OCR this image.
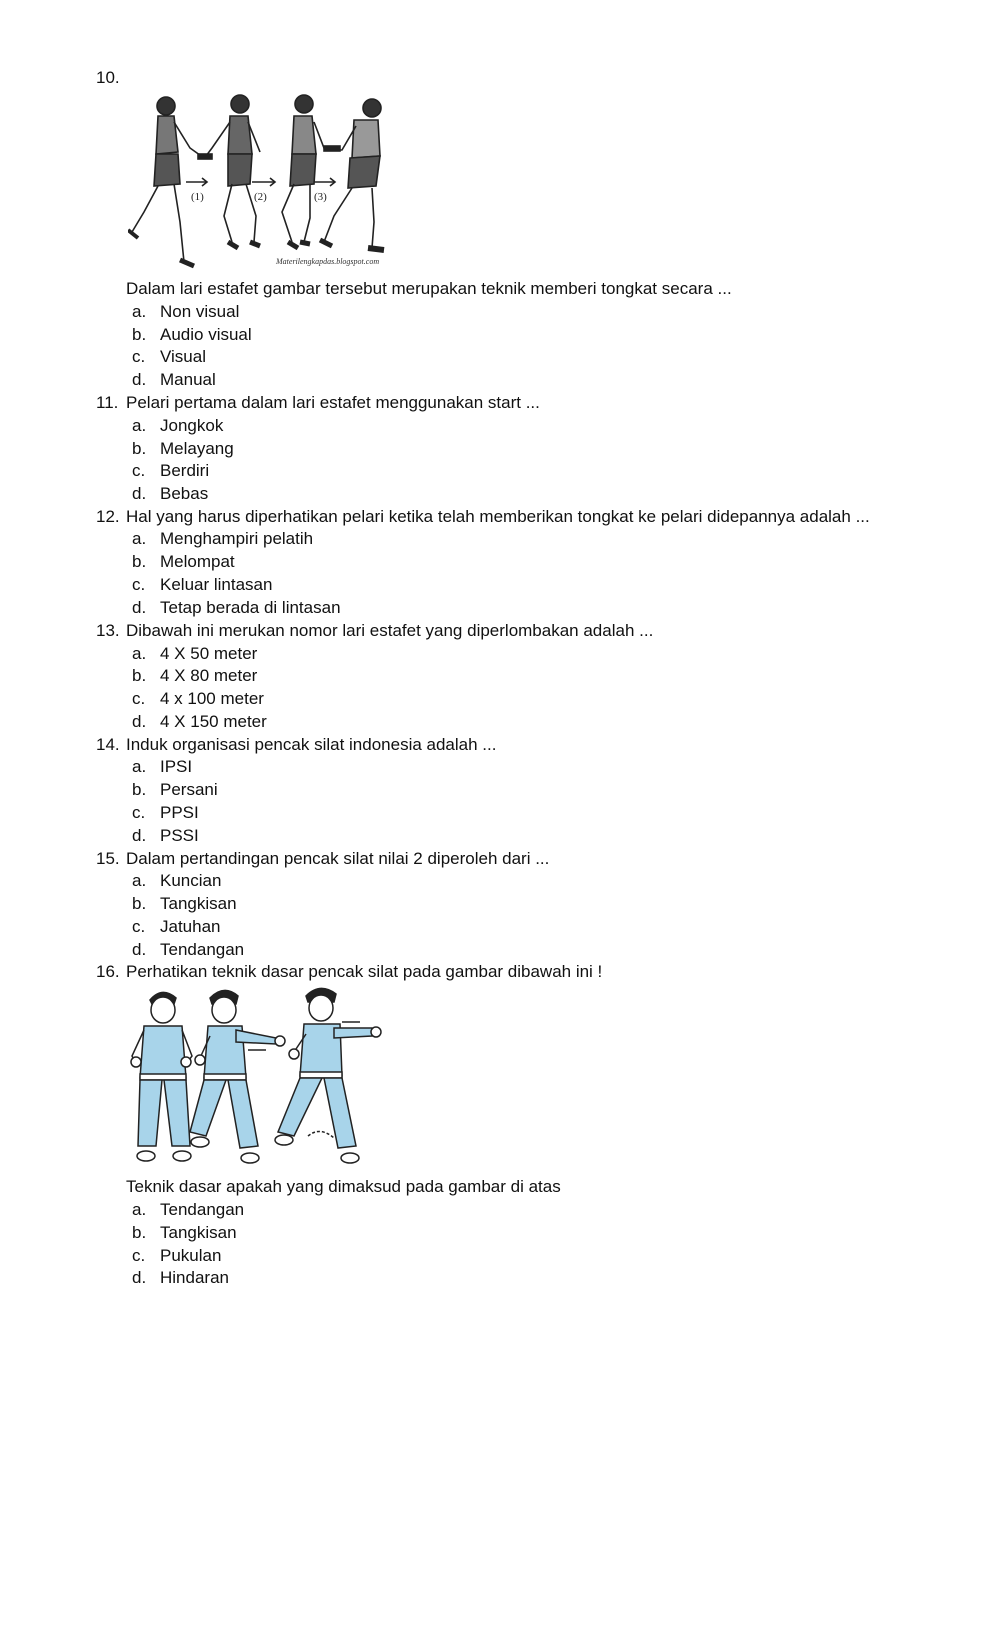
10.
(1)	(2)	(3)
Materilengkapdas.blogspot.com
Dalam lari estafet gambar tersebut merupakan teknik memberi tongkat secara ...
a. Non visual
b. Audio visual
c. Visual
d. Manual
11. Pelari pertama dalam lari estafet menggunakan start ...
a. Jongkok
b. Melayang
c. Berdiri
d. Bebas
12. Hal yang harus diperhatikan pelari ketika telah memberikan tongkat ke pelari didepannya adalah ...
a. Menghampiri pelatih
b. Melompat
c. Keluar lintasan
d. Tetap berada di lintasan
13. Dibawah ini merukan nomor lari estafet yang diperlombakan adalah ...
a. 4 X 50 meter
b. 4 X 80 meter
c. 4 x 100 meter
d. 4 X 150 meter
14. Induk organisasi pencak silat indonesia adalah ...
a. IPSI
b. Persani
c. PPSI
d. PSSI
15. Dalam pertandingan pencak silat nilai 2 diperoleh dari ...
a. Kuncian
b. Tangkisan
c. Jatuhan
d. Tendangan
16. Perhatikan teknik dasar pencak silat pada gambar dibawah ini !
Teknik dasar apakah yang dimaksud pada gambar di atas
a. Tendangan
b. Tangkisan
c. Pukulan
d. Hindaran
